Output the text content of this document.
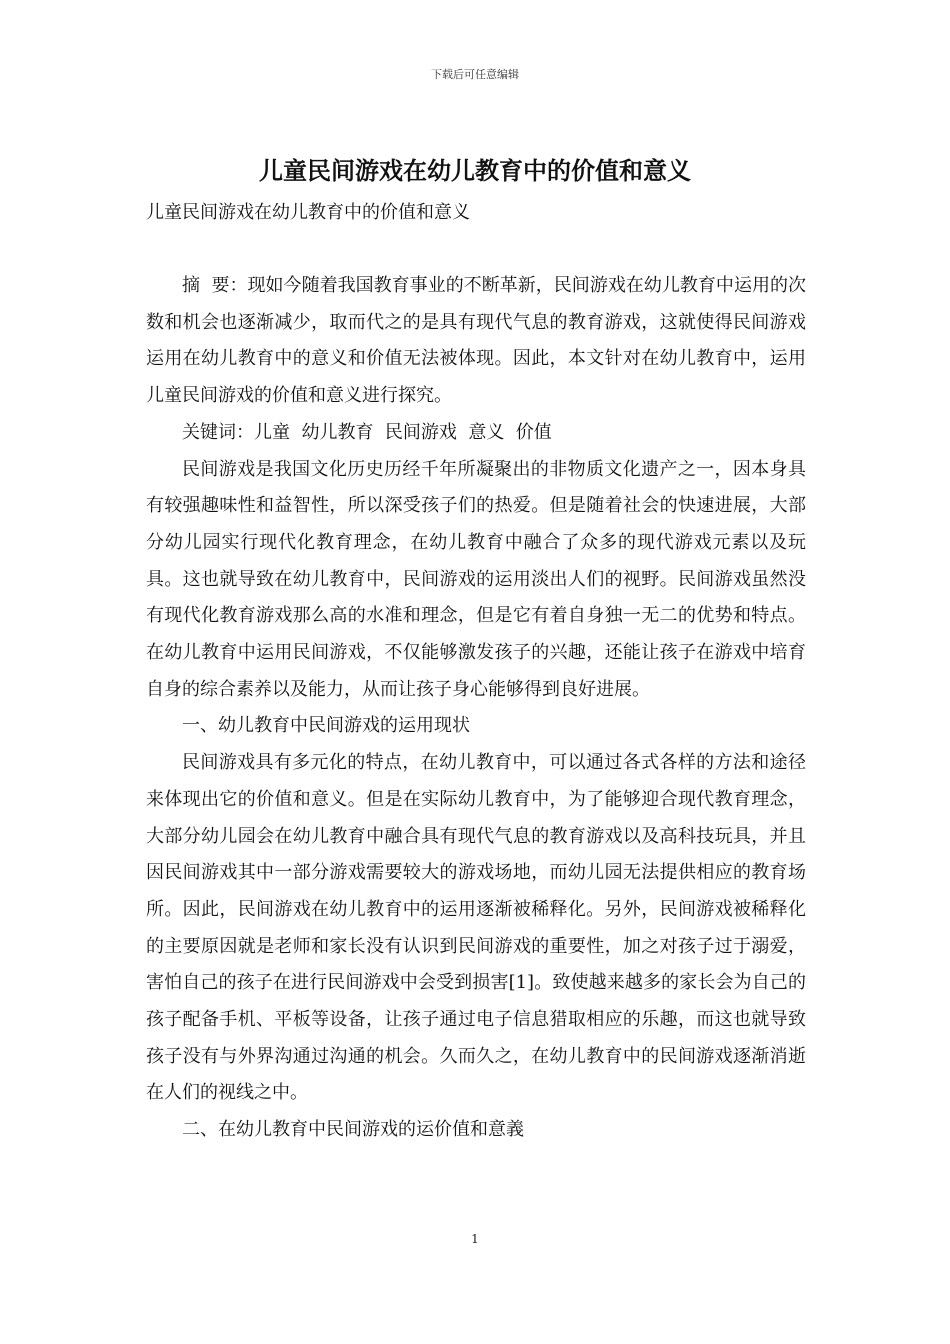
下载后可任意编辑
儿童民间游戏在幼儿教育中的价值和意义
儿童民间游戏在幼儿教育中的价值和意义

摘  要：现如今随着我国教育事业的不断革新，民间游戏在幼儿教育中运用的次数和机会也逐渐减少，取而代之的是具有现代气息的教育游戏，这就使得民间游戏运用在幼儿教育中的意义和价值无法被体现。因此，本文针对在幼儿教育中，运用儿童民间游戏的价值和意义进行探究。

关键词：儿童  幼儿教育  民间游戏  意义  价值

民间游戏是我国文化历史历经千年所凝聚出的非物质文化遗产之一，因本身具有较强趣味性和益智性，所以深受孩子们的热爱。但是随着社会的快速进展，大部分幼儿园实行现代化教育理念，在幼儿教育中融合了众多的现代游戏元素以及玩具。这也就导致在幼儿教育中，民间游戏的运用淡出人们的视野。民间游戏虽然没有现代化教育游戏那么高的水准和理念，但是它有着自身独一无二的优势和特点。在幼儿教育中运用民间游戏，不仅能够激发孩子的兴趣，还能让孩子在游戏中培育自身的综合素养以及能力，从而让孩子身心能够得到良好进展。

一、幼儿教育中民间游戏的运用现状

民间游戏具有多元化的特点，在幼儿教育中，可以通过各式各样的方法和途径来体现出它的价值和意义。但是在实际幼儿教育中，为了能够迎合现代教育理念，大部分幼儿园会在幼儿教育中融合具有现代气息的教育游戏以及高科技玩具，并且因民间游戏其中一部分游戏需要较大的游戏场地，而幼儿园无法提供相应的教育场所。因此，民间游戏在幼儿教育中的运用逐渐被稀释化。另外，民间游戏被稀释化的主要原因就是老师和家长没有认识到民间游戏的重要性，加之对孩子过于溺爱，害怕自己的孩子在进行民间游戏中会受到损害[1]。致使越来越多的家长会为自己的孩子配备手机、平板等设备，让孩子通过电子信息猎取相应的乐趣，而这也就导致孩子没有与外界沟通过沟通的机会。久而久之，在幼儿教育中的民间游戏逐渐消逝在人们的视线之中。

二、在幼儿教育中民间游戏的运价值和意義

1
